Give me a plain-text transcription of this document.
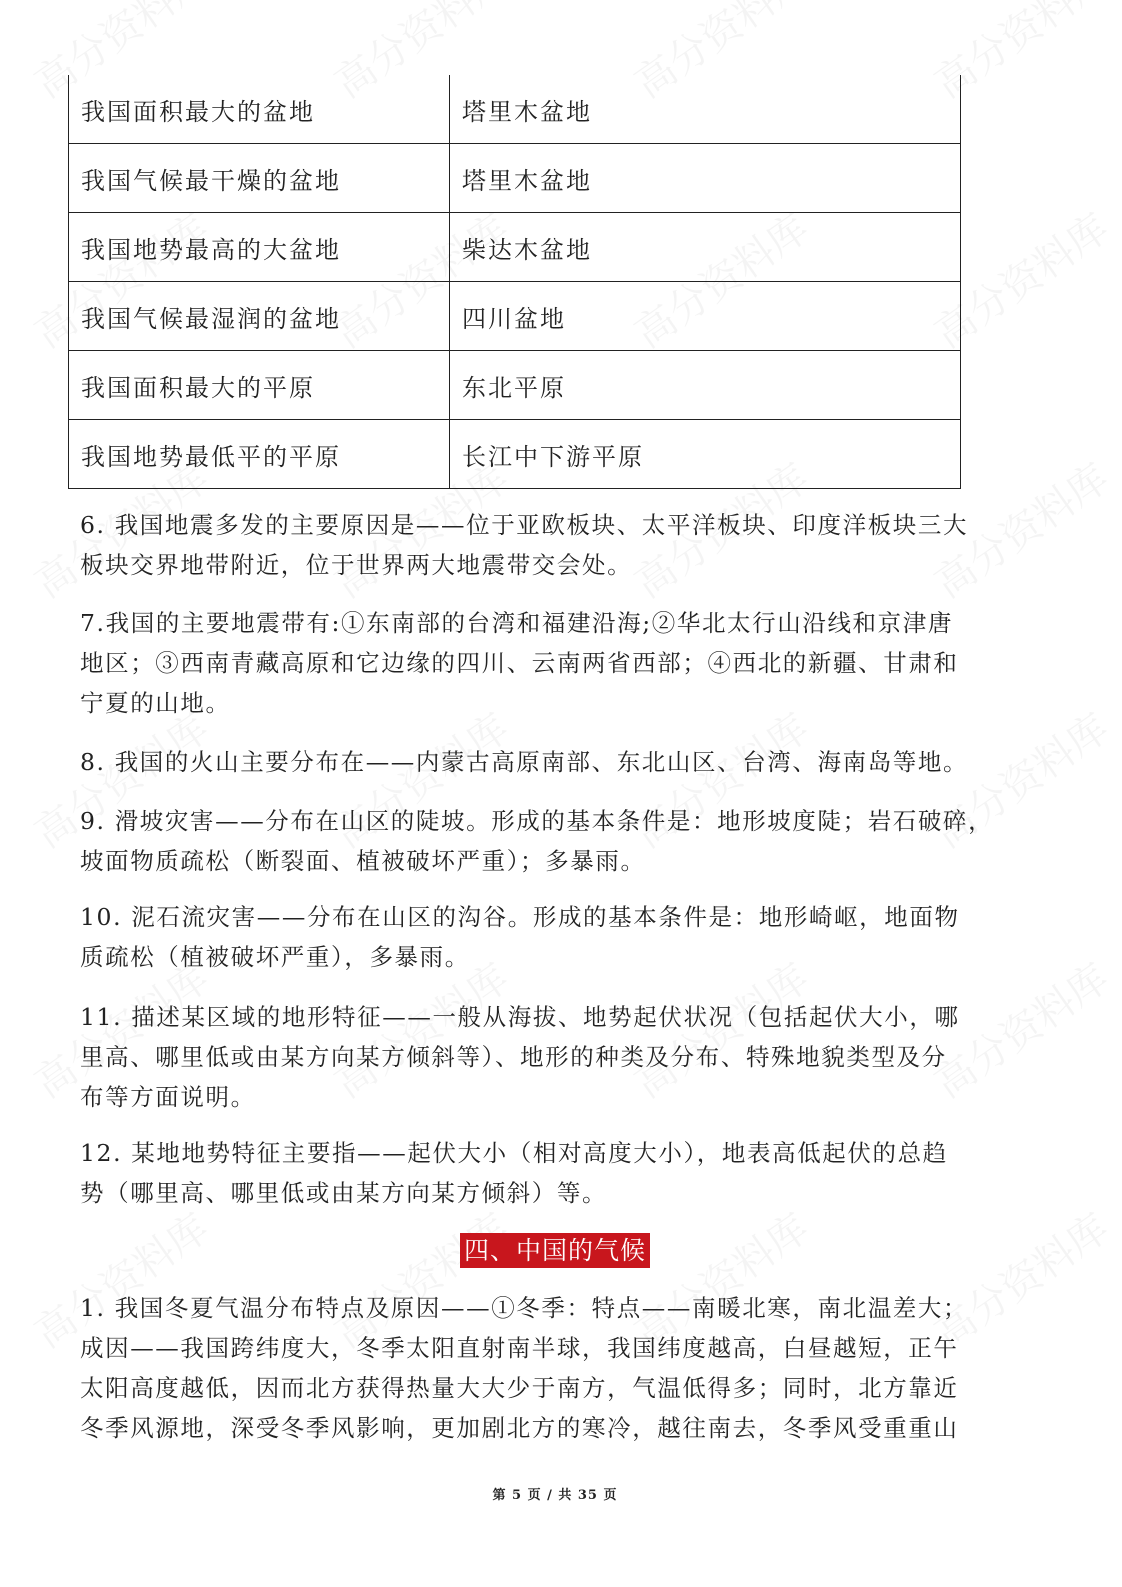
我国面积最大的盆地	塔里木盆地
我国气候最干燥的盆地	塔里木盆地
我国地势最高的大盆地	柴达木盆地
我国气候最湿润的盆地	四川盆地
我国面积最大的平原	东北平原
我国地势最低平的平原	长江中下游平原
6. 我国地震多发的主要原因是——位于亚欧板块、太平洋板块、印度洋板块三大
板块交界地带附近，位于世界两大地震带交会处。
7.我国的主要地震带有:①东南部的台湾和福建沿海;②华北太行山沿线和京津唐
地区；③西南青藏高原和它边缘的四川、云南两省西部；④西北的新疆、甘肃和
宁夏的山地。
8. 我国的火山主要分布在——内蒙古高原南部、东北山区、台湾、海南岛等地。
9. 滑坡灾害——分布在山区的陡坡。形成的基本条件是：地形坡度陡；岩石破碎，
坡面物质疏松（断裂面、植被破坏严重）；多暴雨。
10. 泥石流灾害——分布在山区的沟谷。形成的基本条件是：地形崎岖，地面物
质疏松（植被破坏严重），多暴雨。
11. 描述某区域的地形特征——一般从海拔、地势起伏状况（包括起伏大小，哪
里高、哪里低或由某方向某方倾斜等）、地形的种类及分布、特殊地貌类型及分
布等方面说明。
12. 某地地势特征主要指——起伏大小（相对高度大小），地表高低起伏的总趋
势（哪里高、哪里低或由某方向某方倾斜）等。
四、中国的气候
1. 我国冬夏气温分布特点及原因——①冬季：特点——南暖北寒，南北温差大；
成因——我国跨纬度大，冬季太阳直射南半球，我国纬度越高，白昼越短，正午
太阳高度越低，因而北方获得热量大大少于南方，气温低得多；同时，北方靠近
冬季风源地，深受冬季风影响，更加剧北方的寒冷，越往南去，冬季风受重重山
第 5 页 / 共 35 页
